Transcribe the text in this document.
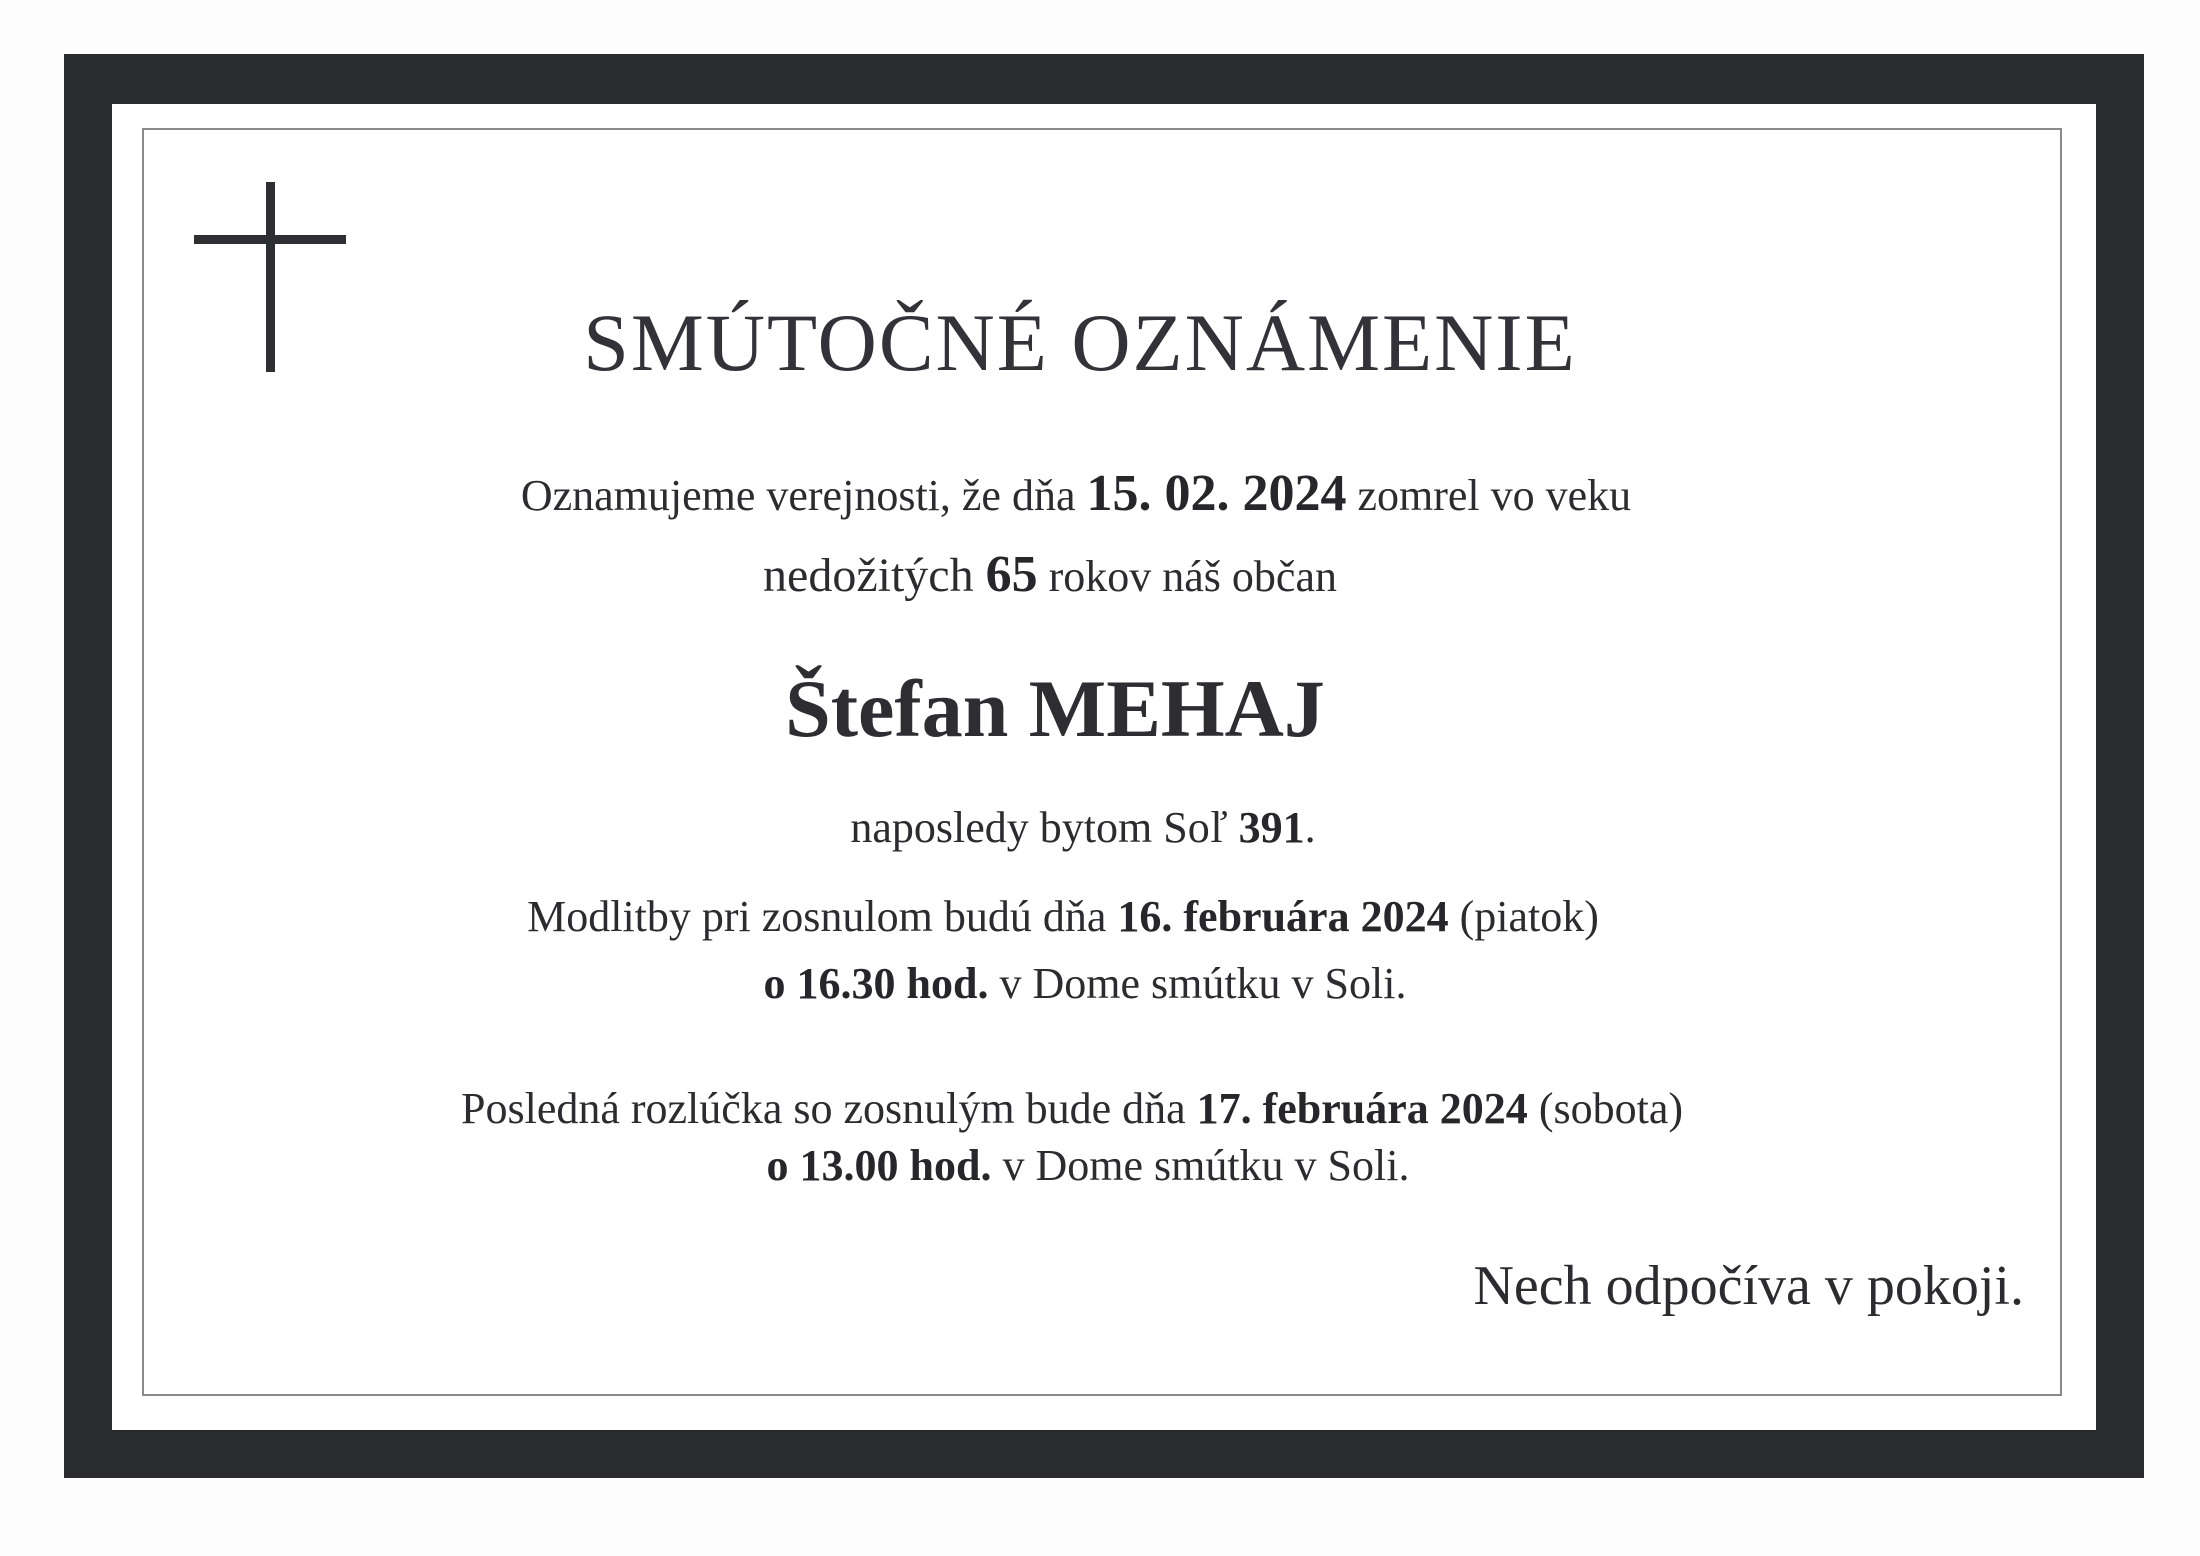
SMÚTOČNÉ OZNÁMENIE
Oznamujeme verejnosti, že dňa 15. 02. 2024 zomrel vo veku
nedožitých 65 rokov náš občan
Štefan MEHAJ
naposledy bytom Soľ 391.
Modlitby pri zosnulom budú dňa 16. februára 2024 (piatok)
o 16.30 hod. v Dome smútku v Soli.
Posledná rozlúčka so zosnulým bude dňa 17. februára 2024 (sobota)
o 13.00 hod. v Dome smútku v Soli.
Nech odpočíva v pokoji.
